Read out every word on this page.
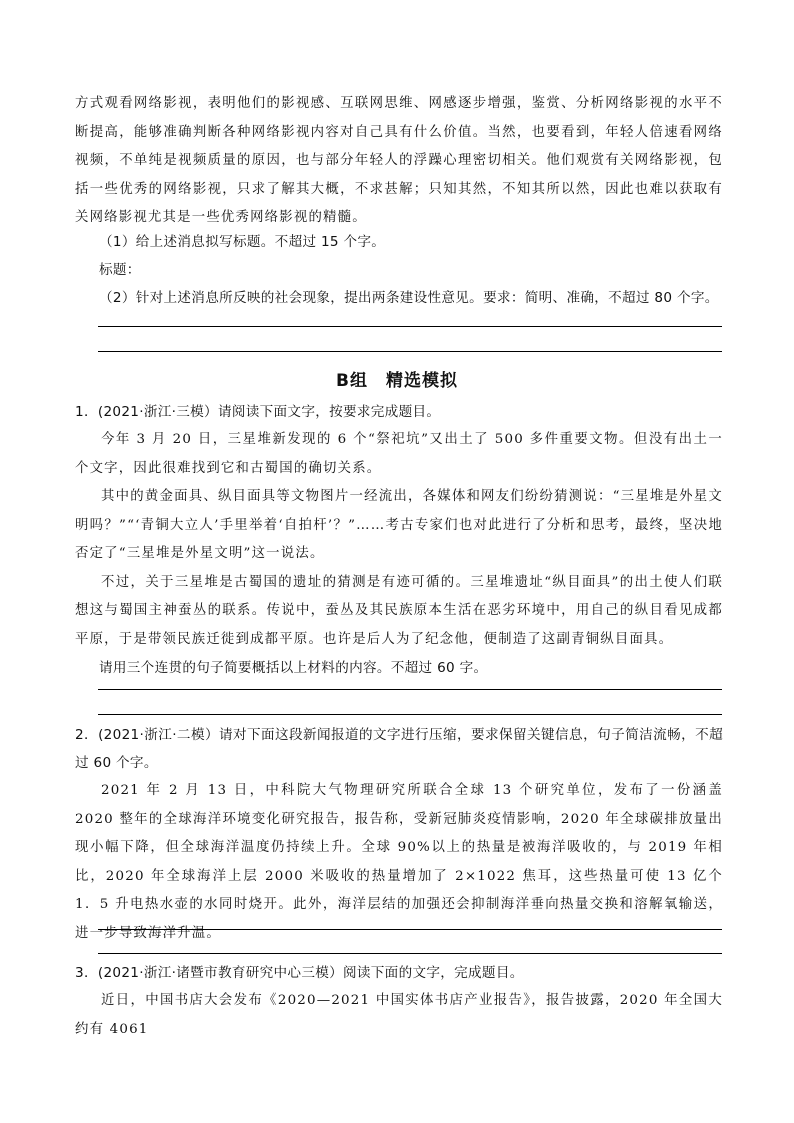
方式观看网络影视，表明他们的影视感、互联网思维、网感逐步增强，鉴赏、分析网络影视的水平不断提高，能够准确判断各种网络影视内容对自己具有什么价值。当然，也要看到，年轻人倍速看网络视频，不单纯是视频质量的原因，也与部分年轻人的浮躁心理密切相关。他们观赏有关网络影视，包括一些优秀的网络影视，只求了解其大概，不求甚解；只知其然，不知其所以然，因此也难以获取有关网络影视尤其是一些优秀网络影视的精髓。

（1）给上述消息拟写标题。不超过 15 个字。

标题：

（2）针对上述消息所反映的社会现象，提出两条建设性意见。要求：简明、准确，不超过 80 个字。

B组　精选模拟

1．(2021·浙江·三模）请阅读下面文字，按要求完成题目。

今年 3 月 20 日，三星堆新发现的 6 个“祭祀坑”又出土了 500 多件重要文物。但没有出土一个文字，因此很难找到它和古蜀国的确切关系。

其中的黄金面具、纵目面具等文物图片一经流出，各媒体和网友们纷纷猜测说：“三星堆是外星文明吗？”“‘青铜大立人’手里举着‘自拍杆’？”……考古专家们也对此进行了分析和思考，最终，坚决地否定了“三星堆是外星文明”这一说法。

不过，关于三星堆是古蜀国的遗址的猜测是有迹可循的。三星堆遗址“纵目面具”的出土使人们联想这与蜀国主神蚕丛的联系。传说中，蚕丛及其民族原本生活在恶劣环境中，用自己的纵目看见成都平原，于是带领民族迁徙到成都平原。也许是后人为了纪念他，便制造了这副青铜纵目面具。

请用三个连贯的句子简要概括以上材料的内容。不超过 60 字。

2．(2021·浙江·二模）请对下面这段新闻报道的文字进行压缩，要求保留关键信息，句子简洁流畅，不超过 60 个字。

2021 年 2 月 13 日，中科院大气物理研究所联合全球 13 个研究单位，发布了一份涵盖 2020 整年的全球海洋环境变化研究报告，报告称，受新冠肺炎疫情影响，2020 年全球碳排放量出现小幅下降，但全球海洋温度仍持续上升。全球 90%以上的热量是被海洋吸收的，与 2019 年相比，2020 年全球海洋上层 2000 米吸收的热量增加了 2×1022 焦耳，这些热量可使 13 亿个 1．5 升电热水壶的水同时烧开。此外，海洋层结的加强还会抑制海洋垂向热量交换和溶解氧输送，进一步导致海洋升温。

3．(2021·浙江·诸暨市教育研究中心三模）阅读下面的文字，完成题目。

近日，中国书店大会发布《2020—2021 中国实体书店产业报告》，报告披露，2020 年全国大约有 4061
